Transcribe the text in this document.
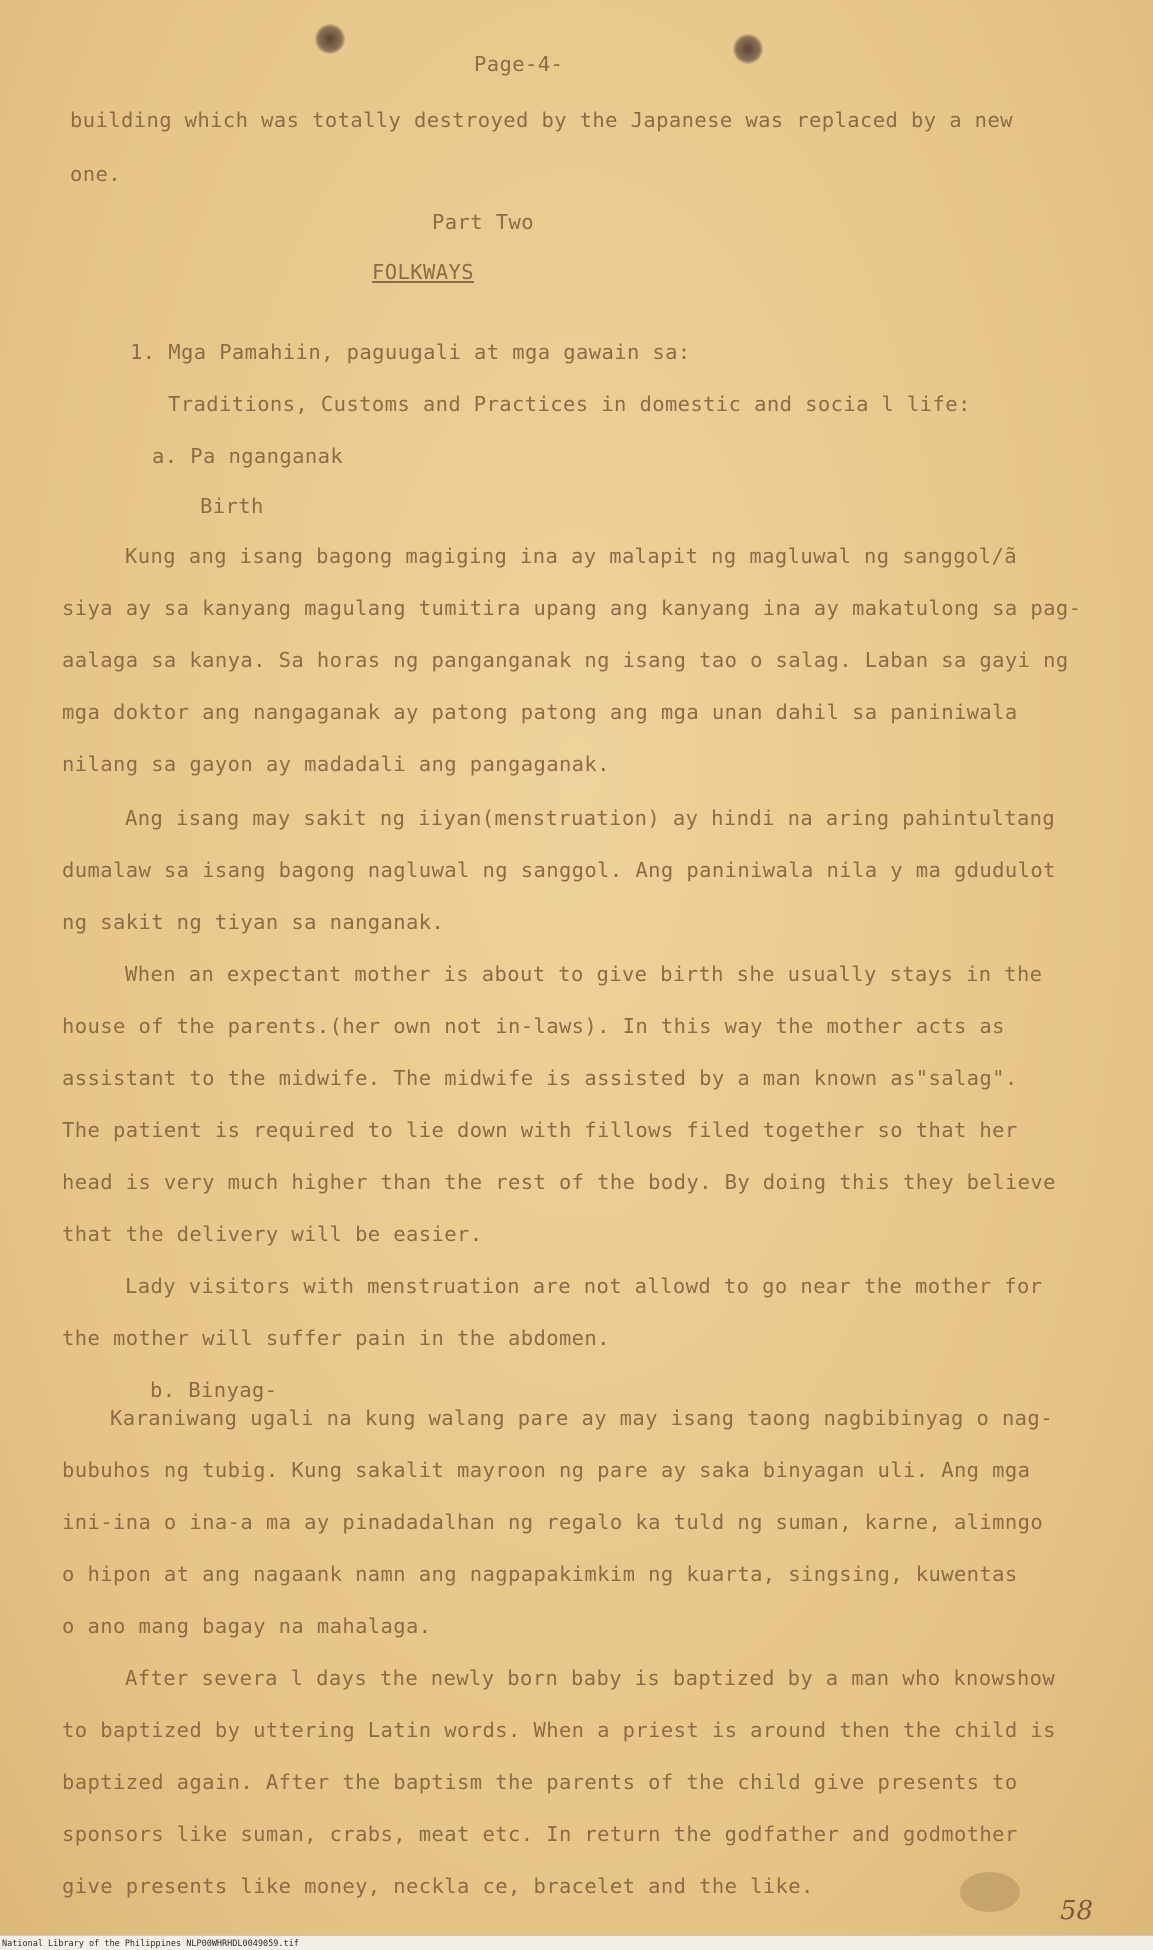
Page-4-
building which was totally destroyed by the Japanese was replaced by a new
one.
Part Two
FOLKWAYS
1. Mga Pamahiin, paguugali at mga gawain sa:
Traditions, Customs and Practices in domestic and socia l life:
a. Pa nganganak
Birth
Kung ang isang bagong magiging ina ay malapit ng magluwal ng sanggol/ã
siya ay sa kanyang magulang tumitira upang ang kanyang ina ay makatulong sa pag-
aalaga sa kanya. Sa horas ng panganganak ng isang tao o salag. Laban sa gayi ng
mga doktor ang nangaganak ay patong patong ang mga unan dahil sa paniniwala
nilang sa gayon ay madadali ang pangaganak.
Ang isang may sakit ng iiyan(menstruation) ay hindi na aring pahintultang
dumalaw sa isang bagong nagluwal ng sanggol. Ang paniniwala nila y ma gdudulot
ng sakit ng tiyan sa nanganak.
When an expectant mother is about to give birth she usually stays in the
house of the parents.(her own not in-laws). In this way the mother acts as
assistant to the midwife. The midwife is assisted by a man known as"salag".
The patient is required to lie down with fillows filed together so that her
head is very much higher than the rest of the body. By doing this they believe
that the delivery will be easier.
Lady visitors with menstruation are not allowd to go near the mother for
the mother will suffer pain in the abdomen.
b. Binyag-
Karaniwang ugali na kung walang pare ay may isang taong nagbibinyag o nag-
bubuhos ng tubig. Kung sakalit mayroon ng pare ay saka binyagan uli. Ang mga
ini-ina o ina-a ma ay pinadadalhan ng regalo ka tuld ng suman, karne, alimngo
o hipon at ang nagaank namn ang nagpapakimkim ng kuarta, singsing, kuwentas
o ano mang bagay na mahalaga.
After severa l days the newly born baby is baptized by a man who knowshow
to baptized by uttering Latin words. When a priest is around then the child is
baptized again. After the baptism the parents of the child give presents to
sponsors like suman, crabs, meat etc. In return the godfather and godmother
give presents like money, neckla ce, bracelet and the like.
58
National Library of the Philippines NLP00WHRHDL0049059.tif
